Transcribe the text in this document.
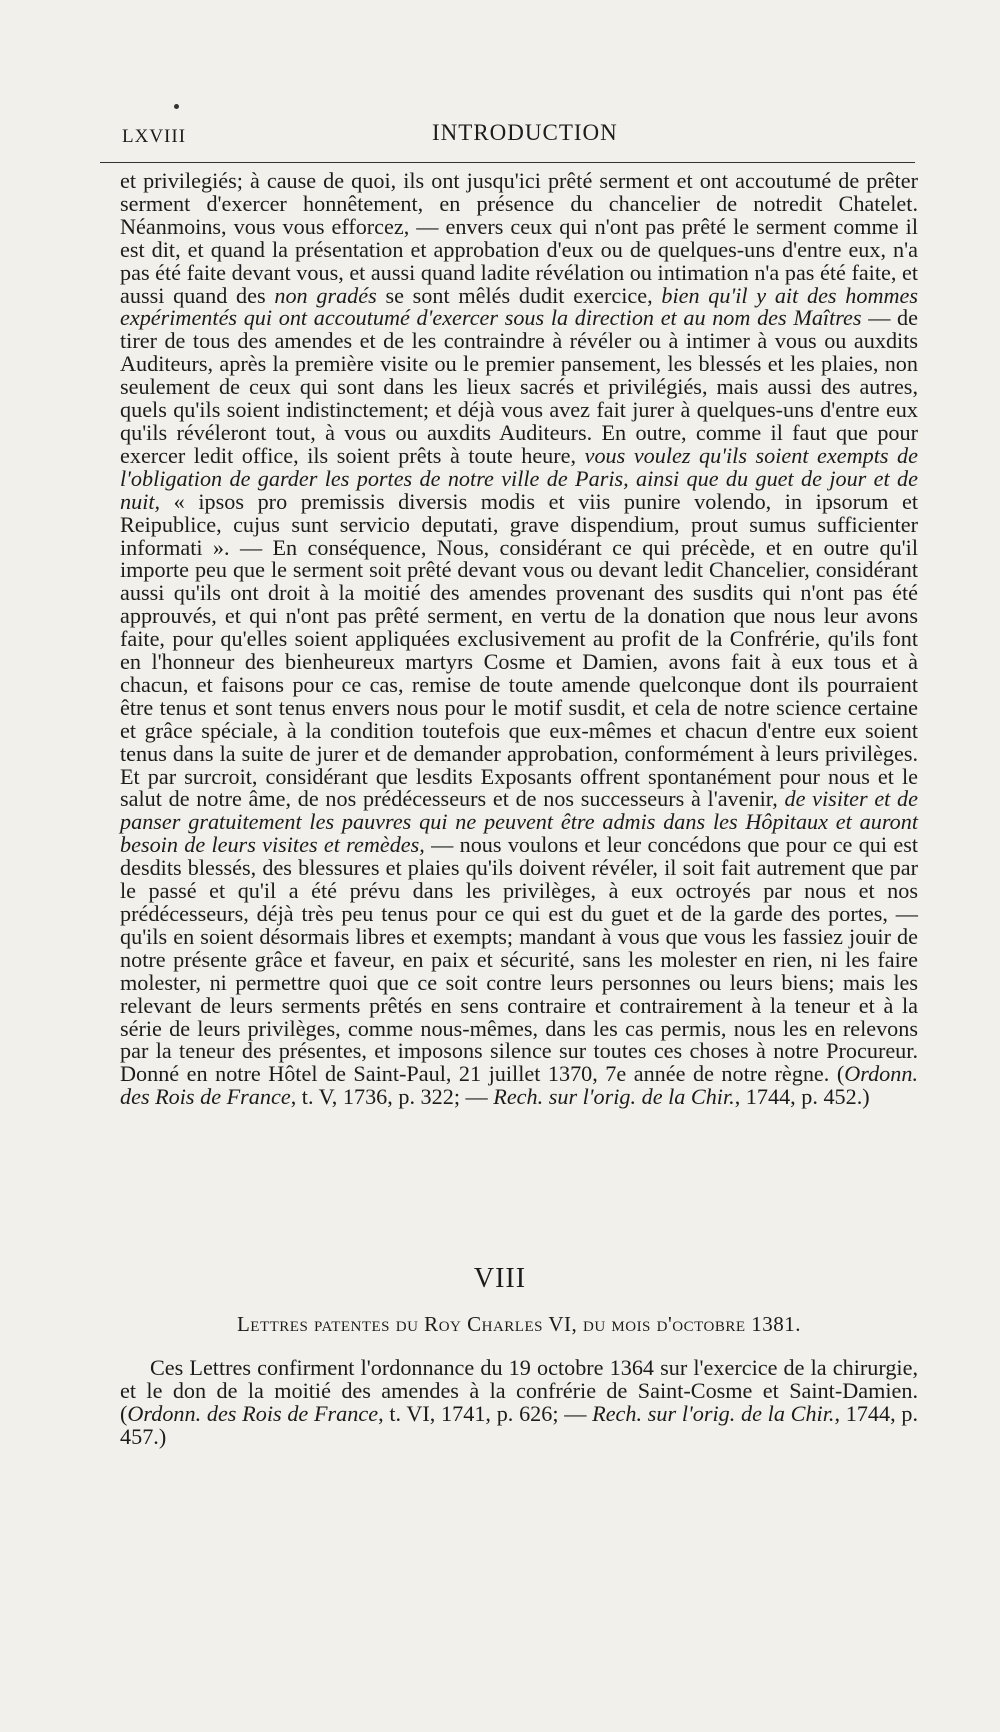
LXVIII	INTRODUCTION

et privilegiés; à cause de quoi, ils ont jusqu'ici prêté serment et ont accoutumé de prêter serment d'exercer honnêtement, en présence du chancelier de notredit Chatelet. Néanmoins, vous vous efforcez, — envers ceux qui n'ont pas prêté le serment comme il est dit, et quand la présentation et approbation d'eux ou de quelques-uns d'entre eux, n'a pas été faite devant vous, et aussi quand ladite révélation ou intimation n'a pas été faite, et aussi quand des non gradés se sont mêlés dudit exercice, bien qu'il y ait des hommes expérimentés qui ont accoutumé d'exercer sous la direction et au nom des Maîtres — de tirer de tous des amendes et de les contraindre à révéler ou à intimer à vous ou auxdits Auditeurs, après la première visite ou le premier pansement, les blessés et les plaies, non seulement de ceux qui sont dans les lieux sacrés et privilégiés, mais aussi des autres, quels qu'ils soient indistinctement; et déjà vous avez fait jurer à quelques-uns d'entre eux qu'ils révéleront tout, à vous ou auxdits Auditeurs. En outre, comme il faut que pour exercer ledit office, ils soient prêts à toute heure, vous voulez qu'ils soient exempts de l'obligation de garder les portes de notre ville de Paris, ainsi que du guet de jour et de nuit, « ipsos pro premissis diversis modis et viis punire volendo, in ipsorum et Reipublice, cujus sunt servicio deputati, grave dispendium, prout sumus sufficienter informati ». — En conséquence, Nous, considérant ce qui précède, et en outre qu'il importe peu que le serment soit prêté devant vous ou devant ledit Chancelier, considérant aussi qu'ils ont droit à la moitié des amendes provenant des susdits qui n'ont pas été approuvés, et qui n'ont pas prêté serment, en vertu de la donation que nous leur avons faite, pour qu'elles soient appliquées exclusivement au profit de la Confrérie, qu'ils font en l'honneur des bienheureux martyrs Cosme et Damien, avons fait à eux tous et à chacun, et faisons pour ce cas, remise de toute amende quelconque dont ils pourraient être tenus et sont tenus envers nous pour le motif susdit, et cela de notre science certaine et grâce spéciale, à la condition toutefois que eux-mêmes et chacun d'entre eux soient tenus dans la suite de jurer et de demander approbation, conformément à leurs privilèges. Et par surcroit, considérant que lesdits Exposants offrent spontanément pour nous et le salut de notre âme, de nos prédécesseurs et de nos successeurs à l'avenir, de visiter et de panser gratuitement les pauvres qui ne peuvent être admis dans les Hôpitaux et auront besoin de leurs visites et remèdes, — nous voulons et leur concédons que pour ce qui est desdits blessés, des blessures et plaies qu'ils doivent révéler, il soit fait autrement que par le passé et qu'il a été prévu dans les privilèges, à eux octroyés par nous et nos prédécesseurs, déjà très peu tenus pour ce qui est du guet et de la garde des portes, — qu'ils en soient désormais libres et exempts; mandant à vous que vous les fassiez jouir de notre présente grâce et faveur, en paix et sécurité, sans les molester en rien, ni les faire molester, ni permettre quoi que ce soit contre leurs personnes ou leurs biens; mais les relevant de leurs serments prêtés en sens contraire et contrairement à la teneur et à la série de leurs privilèges, comme nous-mêmes, dans les cas permis, nous les en relevons par la teneur des présentes, et imposons silence sur toutes ces choses à notre Procureur. Donné en notre Hôtel de Saint-Paul, 21 juillet 1370, 7e année de notre règne. (Ordonn. des Rois de France, t. V, 1736, p. 322; — Rech. sur l'orig. de la Chir., 1744, p. 452.)

VIII
Lettres patentes du Roy Charles VI, du mois d'octobre 1381.

Ces Lettres confirment l'ordonnance du 19 octobre 1364 sur l'exercice de la chirurgie, et le don de la moitié des amendes à la confrérie de Saint-Cosme et Saint-Damien. (Ordonn. des Rois de France, t. VI, 1741, p. 626; — Rech. sur l'orig. de la Chir., 1744, p. 457.)
